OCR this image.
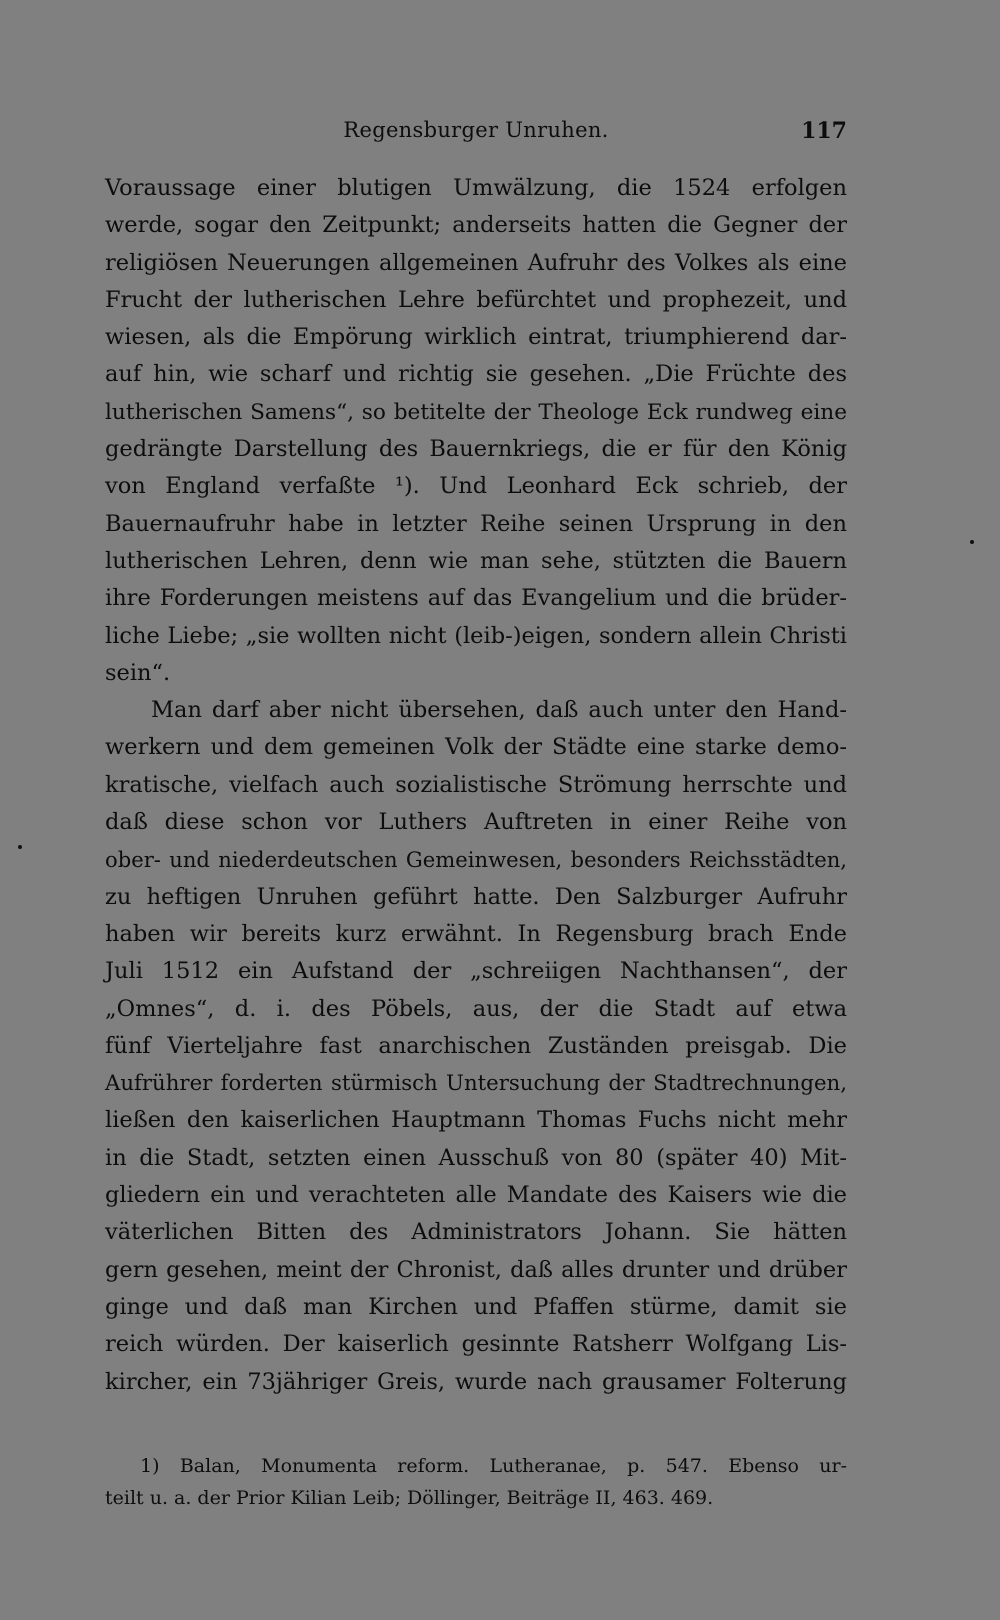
Regensburger Unruhen.	117
Voraussage einer blutigen Umwälzung, die 1524 erfolgen
werde, sogar den Zeitpunkt; anderseits hatten die Gegner der
religiösen Neuerungen allgemeinen Aufruhr des Volkes als eine
Frucht der lutherischen Lehre befürchtet und prophezeit, und
wiesen, als die Empörung wirklich eintrat, triumphierend dar-
auf hin, wie scharf und richtig sie gesehen. „Die Früchte des
lutherischen Samens“, so betitelte der Theologe Eck rundweg eine
gedrängte Darstellung des Bauernkriegs, die er für den König
von England verfaßte ¹). Und Leonhard Eck schrieb, der
Bauernaufruhr habe in letzter Reihe seinen Ursprung in den
lutherischen Lehren, denn wie man sehe, stützten die Bauern
ihre Forderungen meistens auf das Evangelium und die brüder-
liche Liebe; „sie wollten nicht (leib-)eigen, sondern allein Christi
sein“.
Man darf aber nicht übersehen, daß auch unter den Hand-
werkern und dem gemeinen Volk der Städte eine starke demo-
kratische, vielfach auch sozialistische Strömung herrschte und
daß diese schon vor Luthers Auftreten in einer Reihe von
ober- und niederdeutschen Gemeinwesen, besonders Reichsstädten,
zu heftigen Unruhen geführt hatte. Den Salzburger Aufruhr
haben wir bereits kurz erwähnt. In Regensburg brach Ende
Juli 1512 ein Aufstand der „schreiigen Nachthansen“, der
„Omnes“, d. i. des Pöbels, aus, der die Stadt auf etwa
fünf Vierteljahre fast anarchischen Zuständen preisgab. Die
Aufrührer forderten stürmisch Untersuchung der Stadtrechnungen,
ließen den kaiserlichen Hauptmann Thomas Fuchs nicht mehr
in die Stadt, setzten einen Ausschuß von 80 (später 40) Mit-
gliedern ein und verachteten alle Mandate des Kaisers wie die
väterlichen Bitten des Administrators Johann. Sie hätten
gern gesehen, meint der Chronist, daß alles drunter und drüber
ginge und daß man Kirchen und Pfaffen stürme, damit sie
reich würden. Der kaiserlich gesinnte Ratsherr Wolfgang Lis-
kircher, ein 73jähriger Greis, wurde nach grausamer Folterung
1) Balan, Monumenta reform. Lutheranae, p. 547. Ebenso ur-
teilt u. a. der Prior Kilian Leib; Döllinger, Beiträge II, 463. 469.
